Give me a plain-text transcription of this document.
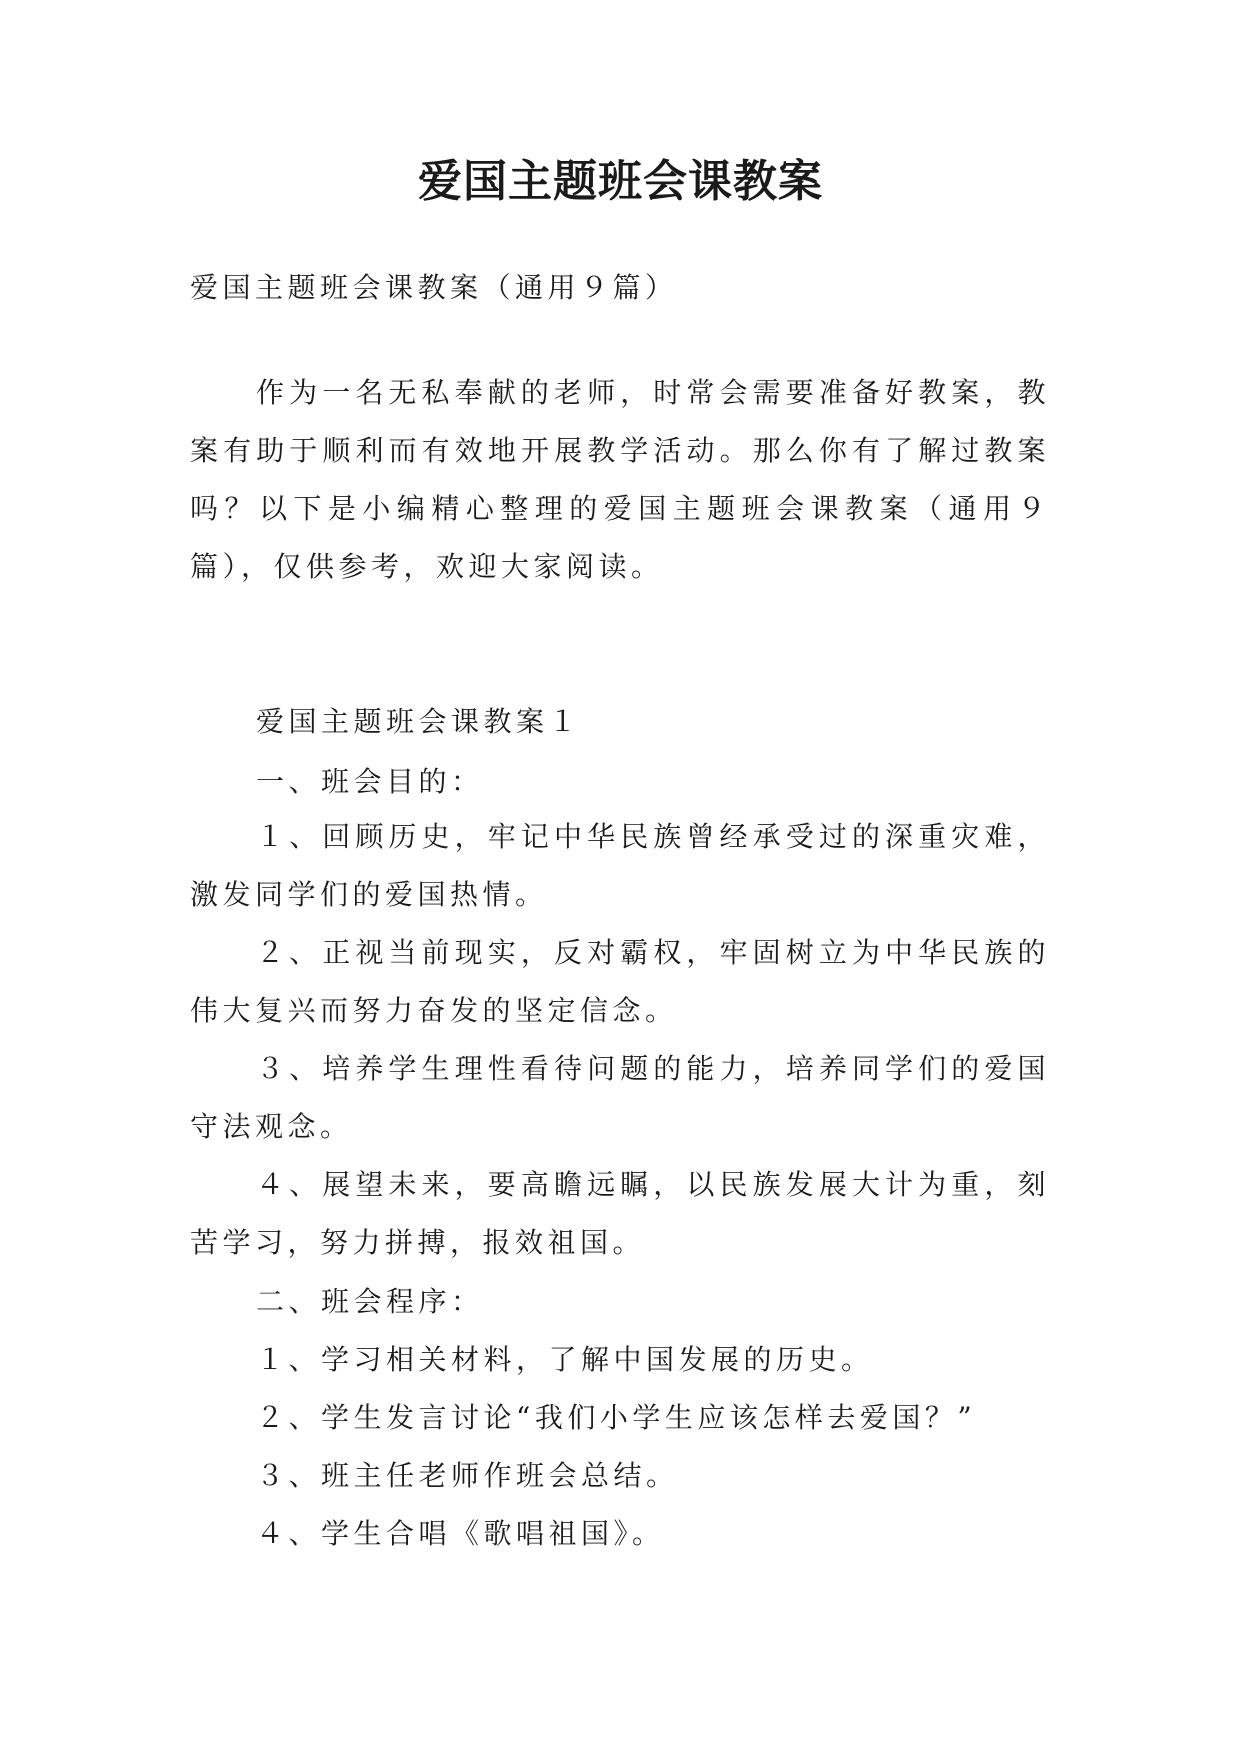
爱国主题班会课教案

爱国主题班会课教案（通用９篇）

作为一名无私奉献的老师，时常会需要准备好教案，教案有助于顺利而有效地开展教学活动。那么你有了解过教案吗？以下是小编精心整理的爱国主题班会课教案（通用９篇），仅供参考，欢迎大家阅读。

爱国主题班会课教案１

一、班会目的：

１、回顾历史，牢记中华民族曾经承受过的深重灾难，激发同学们的爱国热情。

２、正视当前现实，反对霸权，牢固树立为中华民族的伟大复兴而努力奋发的坚定信念。

３、培养学生理性看待问题的能力，培养同学们的爱国守法观念。

４、展望未来，要高瞻远瞩，以民族发展大计为重，刻苦学习，努力拼搏，报效祖国。

二、班会程序：

１、学习相关材料，了解中国发展的历史。

２、学生发言讨论“我们小学生应该怎样去爱国？”

３、班主任老师作班会总结。

４、学生合唱《歌唱祖国》。
